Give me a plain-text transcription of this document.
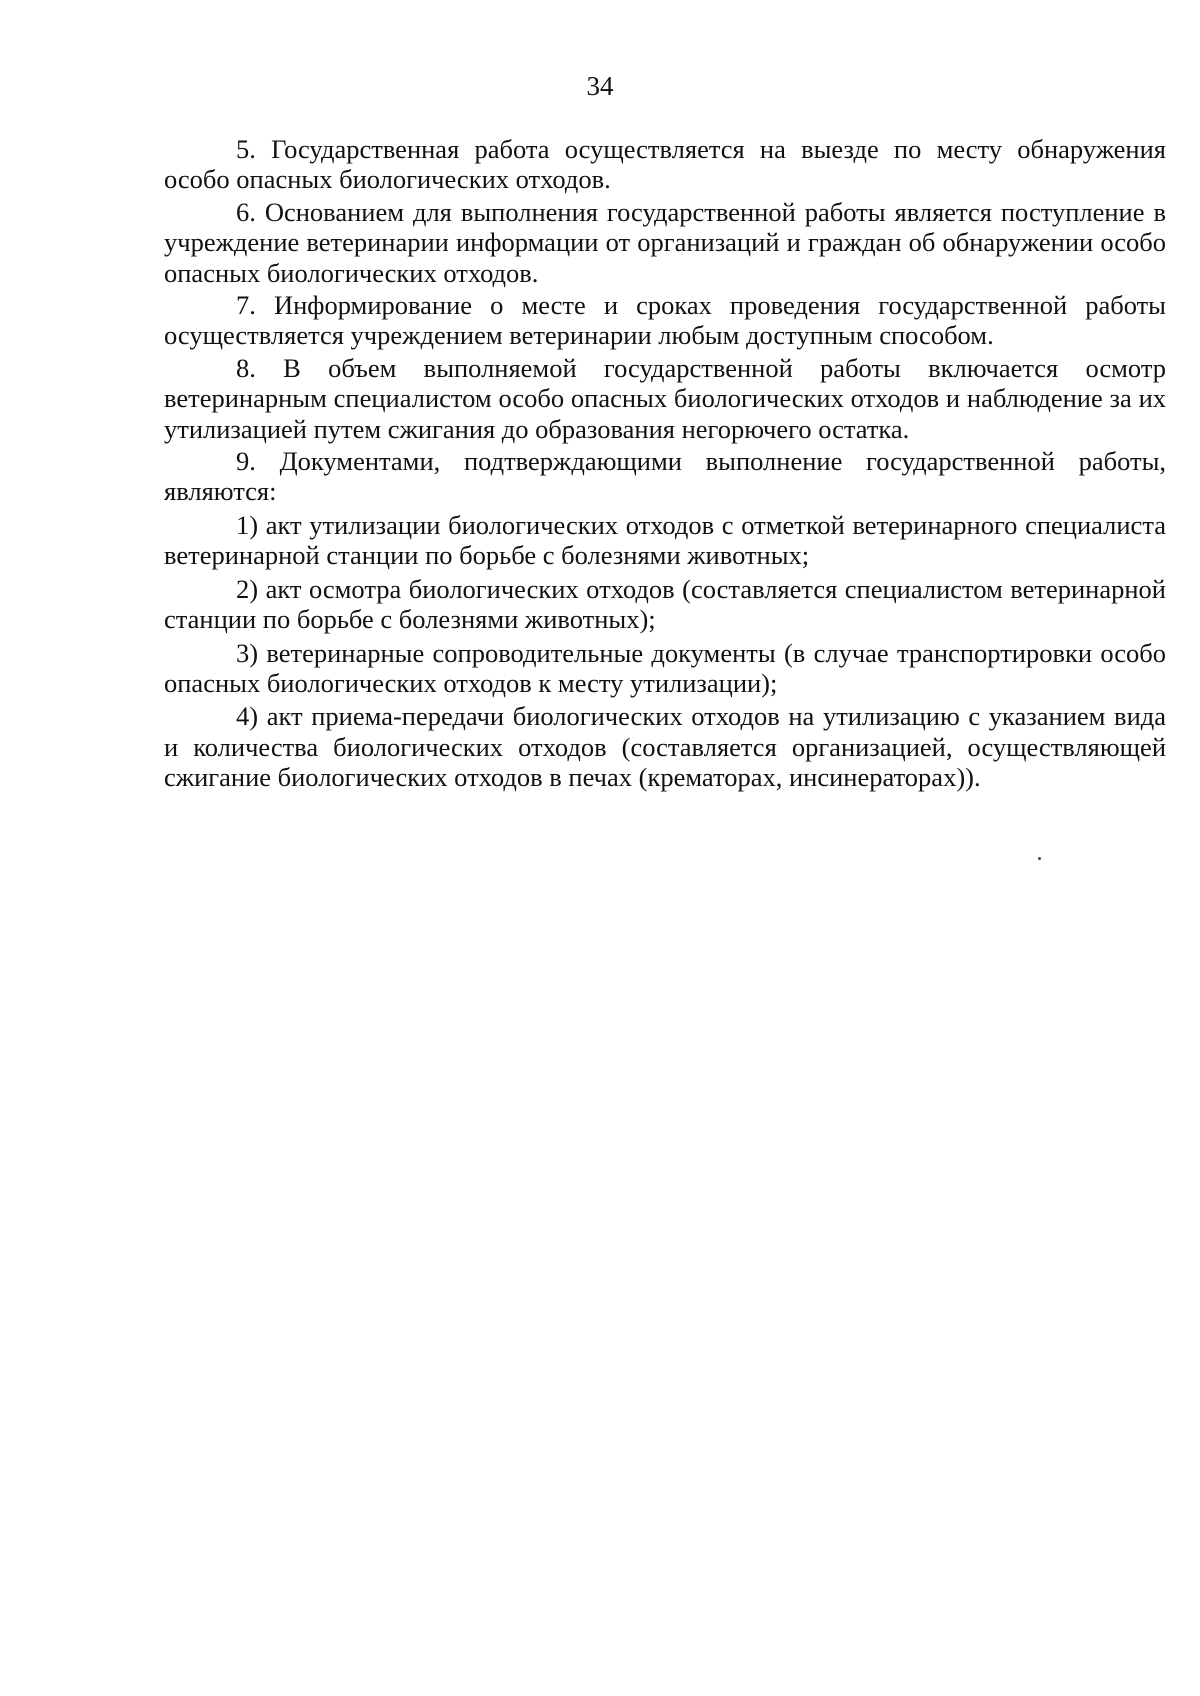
34

5. Государственная работа осуществляется на выезде по месту обнаружения особо опасных биологических отходов.

6. Основанием для выполнения государственной работы является поступление в учреждение ветеринарии информации от организаций и граждан об обнаружении особо опасных биологических отходов.

7. Информирование о месте и сроках проведения государственной работы осуществляется учреждением ветеринарии любым доступным способом.

8. В объем выполняемой государственной работы включается осмотр ветеринарным специалистом особо опасных биологических отходов и наблюдение за их утилизацией путем сжигания до образования негорючего остатка.

9. Документами, подтверждающими выполнение государственной работы, являются:

1) акт утилизации биологических отходов с отметкой ветеринарного специалиста ветеринарной станции по борьбе с болезнями животных;

2) акт осмотра биологических отходов (составляется специалистом ветеринарной станции по борьбе с болезнями животных);

3) ветеринарные сопроводительные документы (в случае транспортировки особо опасных биологических отходов к месту утилизации);

4) акт приема-передачи биологических отходов на утилизацию с указанием вида и количества биологических отходов (составляется организацией, осуществляющей сжигание биологических отходов в печах (крематорах, инсинераторах)).
